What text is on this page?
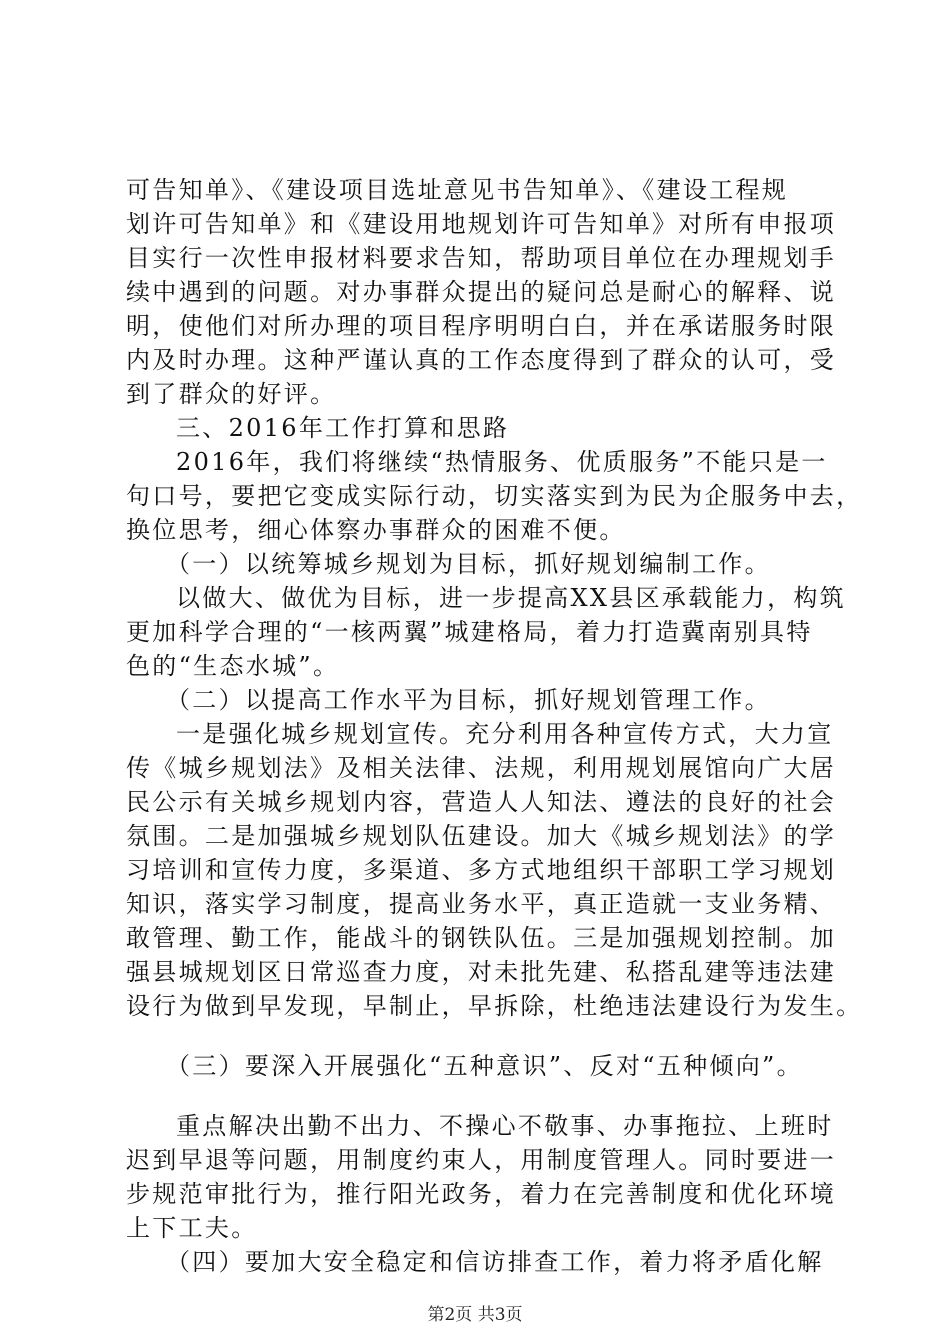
可告知单》、《建设项目选址意见书告知单》、《建设工程规
划许可告知单》和《建设用地规划许可告知单》对所有申报项
目实行一次性申报材料要求告知，帮助项目单位在办理规划手
续中遇到的问题。对办事群众提出的疑问总是耐心的解释、说
明，使他们对所办理的项目程序明明白白，并在承诺服务时限
内及时办理。这种严谨认真的工作态度得到了群众的认可，受
到了群众的好评。
三、2016年工作打算和思路
2016年，我们将继续“热情服务、优质服务”不能只是一
句口号，要把它变成实际行动，切实落实到为民为企服务中去，
换位思考，细心体察办事群众的困难不便。
（一）以统筹城乡规划为目标，抓好规划编制工作。
以做大、做优为目标，进一步提高XX县区承载能力，构筑
更加科学合理的“一核两翼”城建格局，着力打造冀南别具特
色的“生态水城”。
（二）以提高工作水平为目标，抓好规划管理工作。
一是强化城乡规划宣传。充分利用各种宣传方式，大力宣
传《城乡规划法》及相关法律、法规，利用规划展馆向广大居
民公示有关城乡规划内容，营造人人知法、遵法的良好的社会
氛围。二是加强城乡规划队伍建设。加大《城乡规划法》的学
习培训和宣传力度，多渠道、多方式地组织干部职工学习规划
知识，落实学习制度，提高业务水平，真正造就一支业务精、
敢管理、勤工作，能战斗的钢铁队伍。三是加强规划控制。加
强县城规划区日常巡查力度，对未批先建、私搭乱建等违法建
设行为做到早发现，早制止，早拆除，杜绝违法建设行为发生。
（三）要深入开展强化“五种意识”、反对“五种倾向”。
重点解决出勤不出力、不操心不敬事、办事拖拉、上班时
迟到早退等问题，用制度约束人，用制度管理人。同时要进一
步规范审批行为，推行阳光政务，着力在完善制度和优化环境
上下工夫。
（四）要加大安全稳定和信访排查工作，着力将矛盾化解
第2页 共3页
